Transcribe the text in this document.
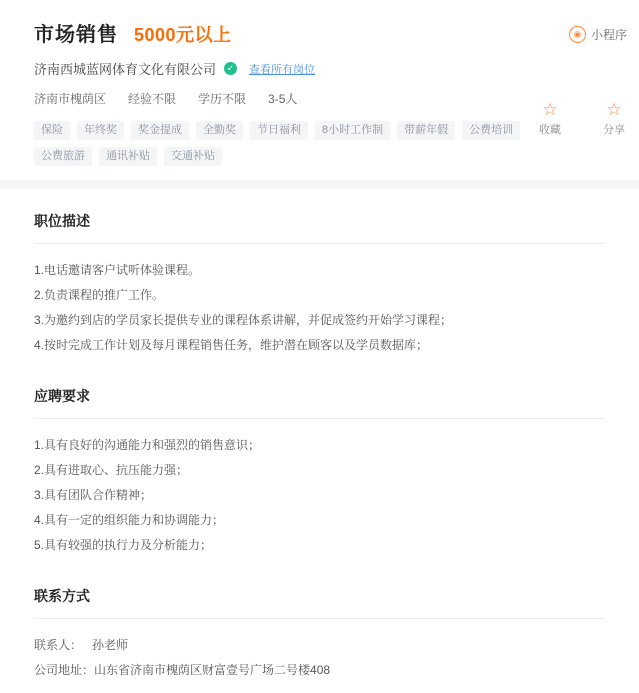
◉ 小程序
市场销售 5000元以上
济南西城蓝网体育文化有限公司	✓ 查看所有岗位
济南市槐荫区 经验不限 学历不限 3-5人
保险	年终奖	奖金提成	全勤奖	节日福利	8小时工作制	带薪年假	公费培训
公费旅游	通讯补贴	交通补贴
☆
收藏
☆
分享
职位描述
1.电话邀请客户试听体验课程。
2.负责课程的推广工作。
3.为邀约到店的学员家长提供专业的课程体系讲解，并促成签约开始学习课程；
4.按时完成工作计划及每月课程销售任务，维护潜在顾客以及学员数据库；
应聘要求
1.具有良好的沟通能力和强烈的销售意识；
2.具有进取心、抗压能力强；
3.具有团队合作精神；
4.具有一定的组织能力和协调能力；
5.具有较强的执行力及分析能力；
联系方式
联系人： 孙老师
公司地址：山东省济南市槐荫区财富壹号广场二号楼408
